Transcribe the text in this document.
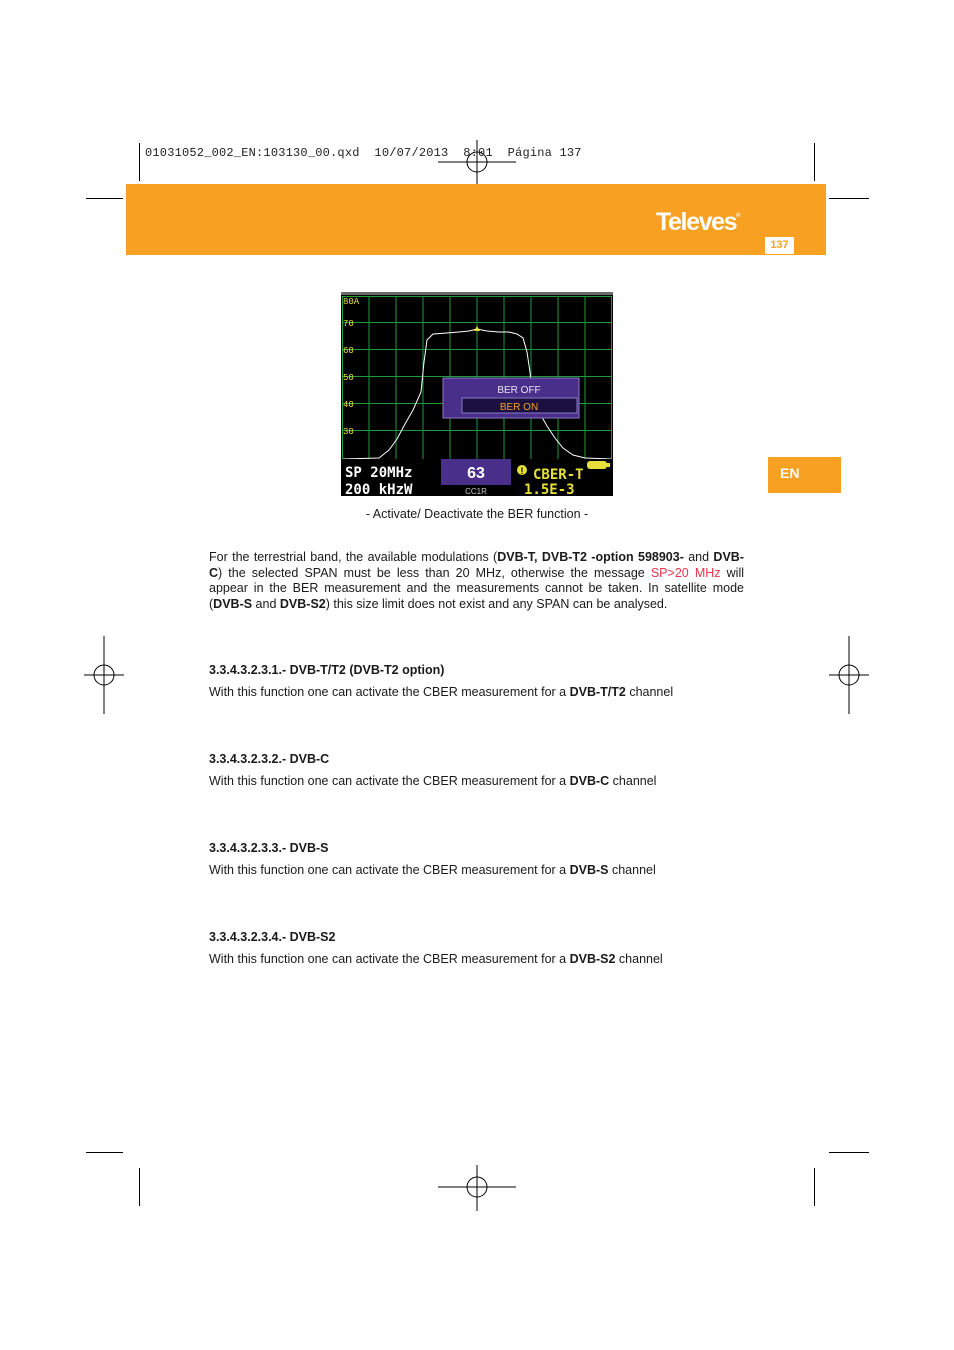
01031052_002_EN:103130_00.qxd  10/07/2013  8:01  Página 137
137
Televes®
EN
80A
70
60
50
40
30
BER OFF
BER ON
SP 20MHz
200 kHzW
63
CC1R
! CBER-T
1.5E-3
- Activate/ Deactivate the BER function -
For the terrestrial band, the available modulations (DVB-T, DVB-T2 -option 598903- and DVB-C) the selected SPAN must be less than 20 MHz, otherwise the message SP>20 MHz will appear in the BER measurement and the measurements cannot be taken. In satellite mode (DVB-S and DVB-S2) this size limit does not exist and any SPAN can be analysed.
3.3.4.3.2.3.1.- DVB-T/T2 (DVB-T2 option)
With this function one can activate the CBER measurement for a DVB-T/T2 channel
3.3.4.3.2.3.2.- DVB-C
With this function one can activate the CBER measurement for a DVB-C channel
3.3.4.3.2.3.3.- DVB-S
With this function one can activate the CBER measurement for a DVB-S channel
3.3.4.3.2.3.4.- DVB-S2
With this function one can activate the CBER measurement for a DVB-S2 channel
